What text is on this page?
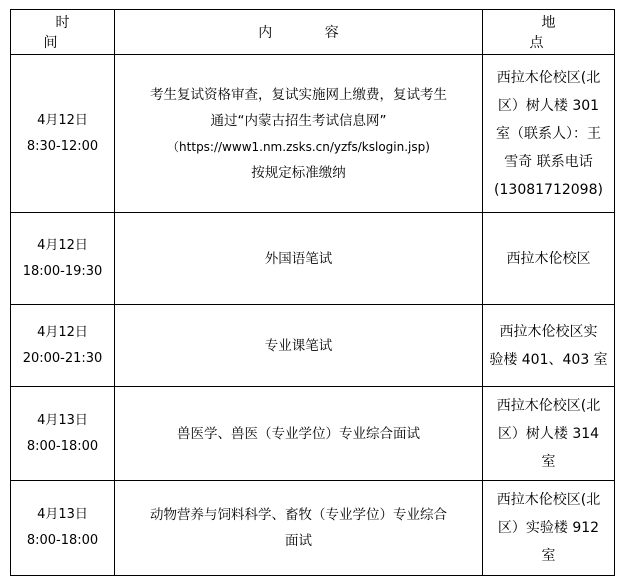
时 间	内 容	地 点

4月12日
8:30-12:00	考生复试资格审查，复试实施网上缴费，复试考生
通过“内蒙古招生考试信息网”
（https://www1.nm.zsks.cn/yzfs/kslogin.jsp)
按规定标准缴纳	西拉木伦校区(北
区）树人楼 301
室（联系人）：王
雪奇 联系电话
(13081712098)

4月12日
18:00-19:30	外国语笔试	西拉木伦校区

4月12日
20:00-21:30	专业课笔试	西拉木伦校区实
验楼 401、403 室

4月13日
8:00-18:00	兽医学、兽医（专业学位）专业综合面试	西拉木伦校区(北
区）树人楼 314
室

4月13日
8:00-18:00	动物营养与饲料科学、畜牧（专业学位）专业综合
面试	西拉木伦校区(北
区）实验楼 912
室
